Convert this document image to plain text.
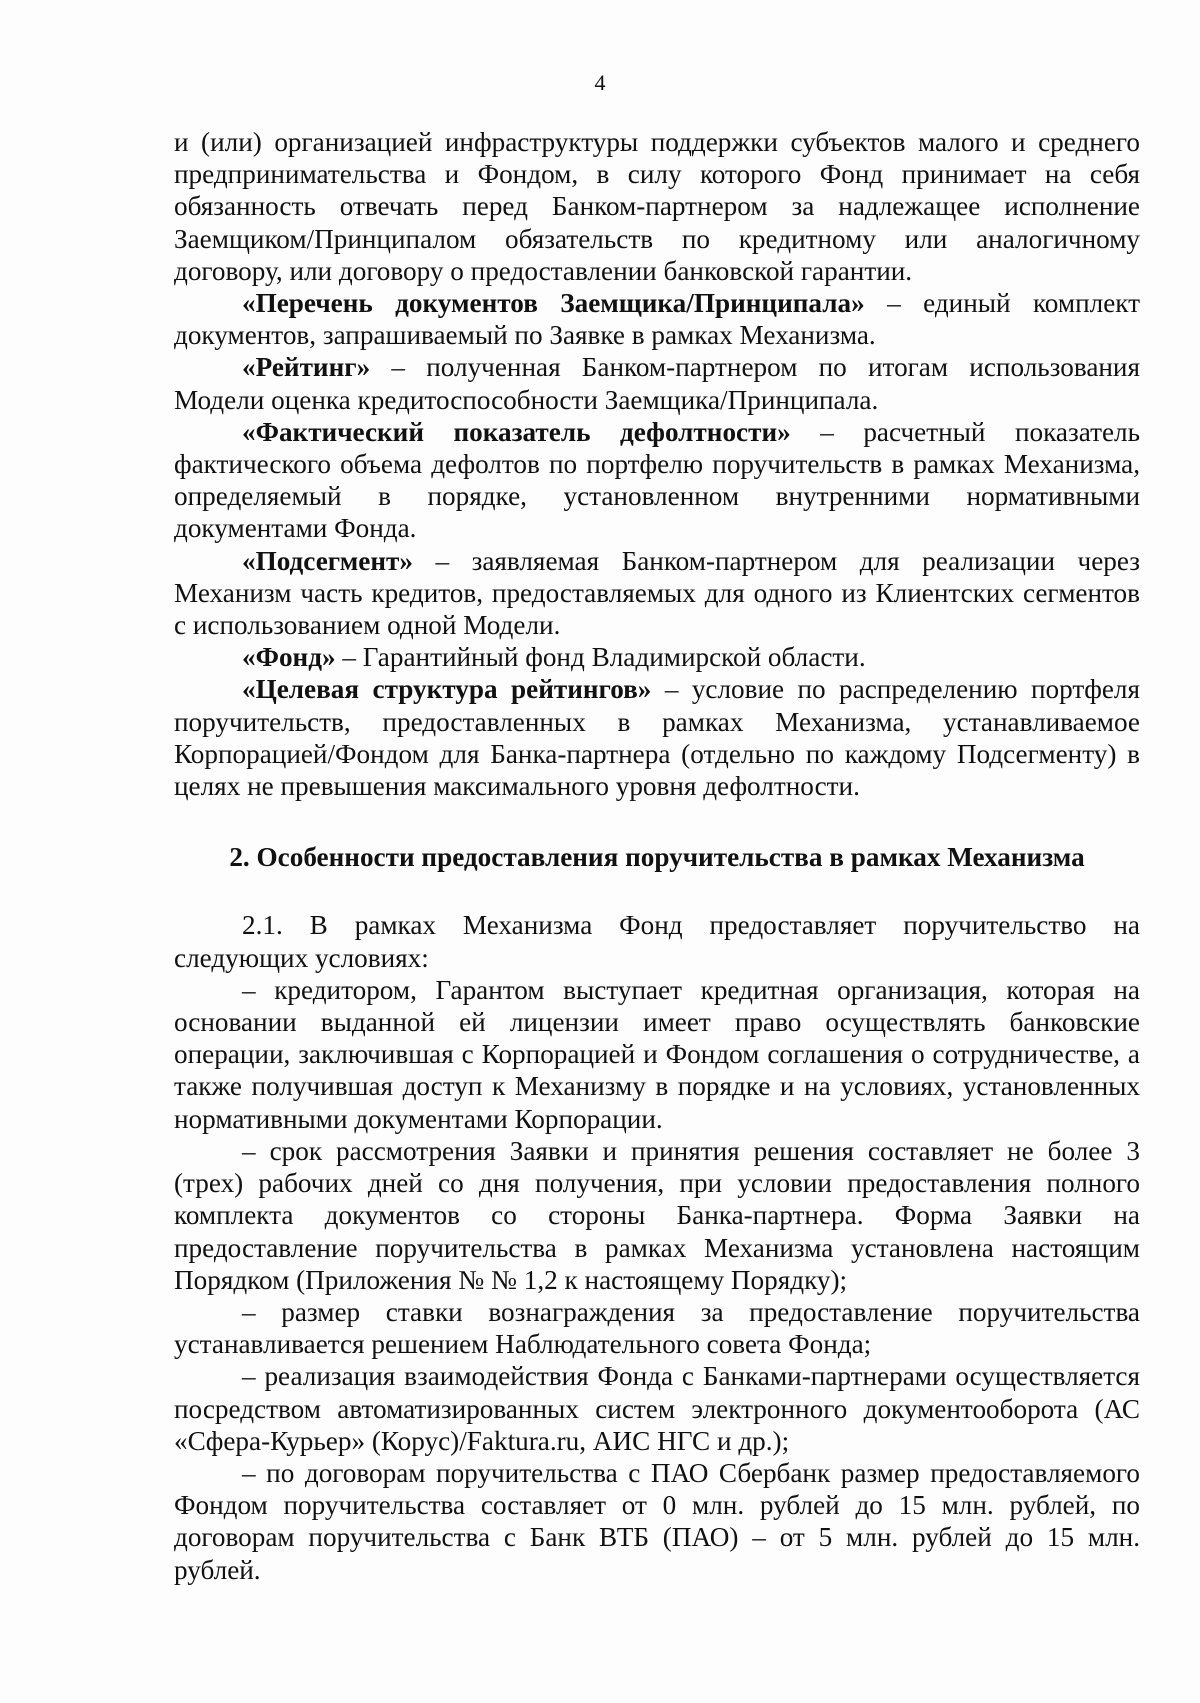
4

и (или) организацией инфраструктуры поддержки субъектов малого и среднего предпринимательства и Фондом, в силу которого Фонд принимает на себя обязанность отвечать перед Банком-партнером за надлежащее исполнение Заемщиком/Принципалом обязательств по кредитному или аналогичному договору, или договору о предоставлении банковской гарантии.

«Перечень документов Заемщика/Принципала» – единый комплект документов, запрашиваемый по Заявке в рамках Механизма.

«Рейтинг» – полученная Банком-партнером по итогам использования Модели оценка кредитоспособности Заемщика/Принципала.

«Фактический показатель дефолтности» – расчетный показатель фактического объема дефолтов по портфелю поручительств в рамках Механизма, определяемый в порядке, установленном внутренними нормативными документами Фонда.

«Подсегмент» – заявляемая Банком-партнером для реализации через Механизм часть кредитов, предоставляемых для одного из Клиентских сегментов с использованием одной Модели.

«Фонд» – Гарантийный фонд Владимирской области.

«Целевая структура рейтингов» – условие по распределению портфеля поручительств, предоставленных в рамках Механизма, устанавливаемое Корпорацией/Фондом для Банка-партнера (отдельно по каждому Подсегменту) в целях не превышения максимального уровня дефолтности.

2. Особенности предоставления поручительства в рамках Механизма

2.1. В рамках Механизма Фонд предоставляет поручительство на следующих условиях:

– кредитором, Гарантом выступает кредитная организация, которая на основании выданной ей лицензии имеет право осуществлять банковские операции, заключившая с Корпорацией и Фондом соглашения о сотрудничестве, а также получившая доступ к Механизму в порядке и на условиях, установленных нормативными документами Корпорации.

– срок рассмотрения Заявки и принятия решения составляет не более 3 (трех) рабочих дней со дня получения, при условии предоставления полного комплекта документов со стороны Банка-партнера. Форма Заявки на предоставление поручительства в рамках Механизма установлена настоящим Порядком (Приложения № № 1,2 к настоящему Порядку);

– размер ставки вознаграждения за предоставление поручительства устанавливается решением Наблюдательного совета Фонда;

– реализация взаимодействия Фонда с Банками-партнерами осуществляется посредством автоматизированных систем электронного документооборота (АС «Сфера-Курьер» (Корус)/Faktura.ru, АИС НГС и др.);

– по договорам поручительства с ПАО Сбербанк размер предоставляемого Фондом поручительства составляет от 0 млн. рублей до 15 млн. рублей, по договорам поручительства с Банк ВТБ (ПАО) – от 5 млн. рублей до 15 млн. рублей.
